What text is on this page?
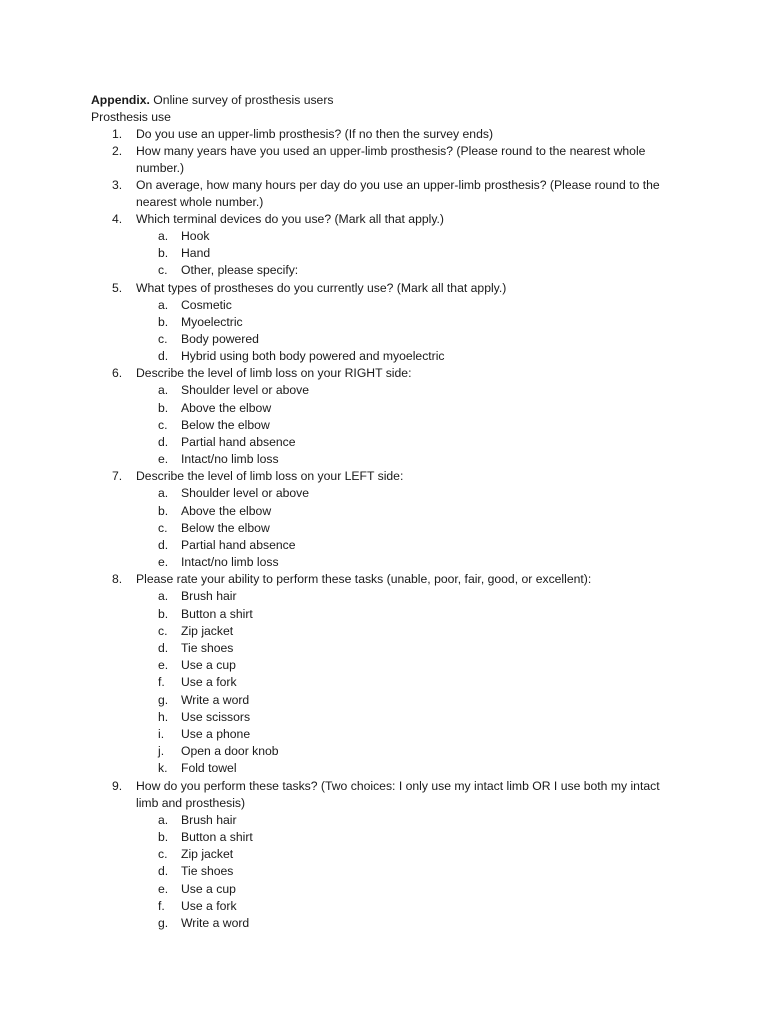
Appendix. Online survey of prosthesis users
Prosthesis use
1.	Do you use an upper-limb prosthesis? (If no then the survey ends)
2.	How many years have you used an upper-limb prosthesis? (Please round to the nearest whole number.)
3.	On average, how many hours per day do you use an upper-limb prosthesis? (Please round to the nearest whole number.)
4.	Which terminal devices do you use? (Mark all that apply.)
a. Hook
b. Hand
c. Other, please specify:
5.	What types of prostheses do you currently use? (Mark all that apply.)
a. Cosmetic
b. Myoelectric
c. Body powered
d. Hybrid using both body powered and myoelectric
6.	Describe the level of limb loss on your RIGHT side:
a. Shoulder level or above
b. Above the elbow
c. Below the elbow
d. Partial hand absence
e. Intact/no limb loss
7.	Describe the level of limb loss on your LEFT side:
a. Shoulder level or above
b. Above the elbow
c. Below the elbow
d. Partial hand absence
e. Intact/no limb loss
8.	Please rate your ability to perform these tasks (unable, poor, fair, good, or excellent):
a. Brush hair
b. Button a shirt
c. Zip jacket
d. Tie shoes
e. Use a cup
f. Use a fork
g. Write a word
h. Use scissors
i. Use a phone
j. Open a door knob
k. Fold towel
9.	How do you perform these tasks? (Two choices: I only use my intact limb OR I use both my intact limb and prosthesis)
a. Brush hair
b. Button a shirt
c. Zip jacket
d. Tie shoes
e. Use a cup
f. Use a fork
g. Write a word
